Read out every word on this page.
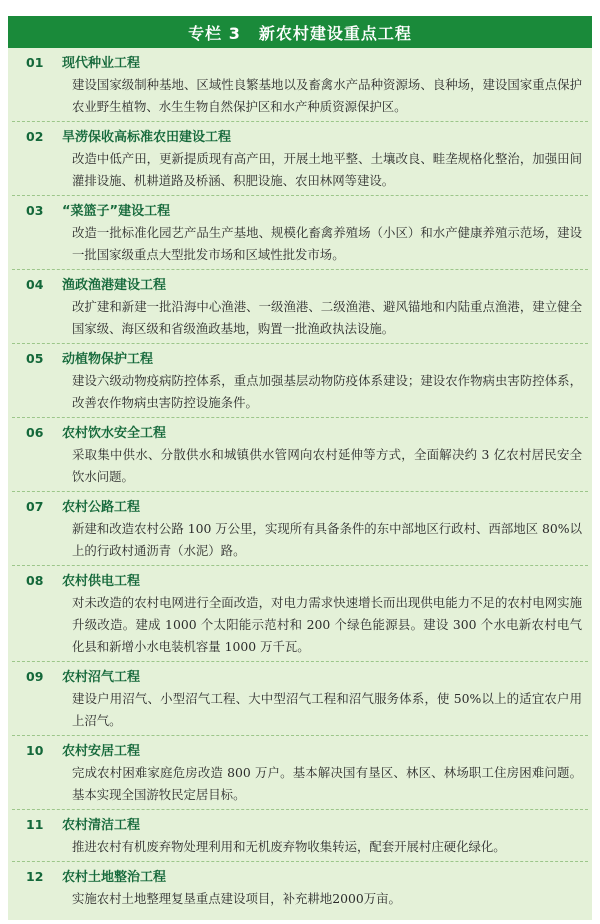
专栏 3 新农村建设重点工程
01	现代种业工程
建设国家级制种基地、区域性良繁基地以及畜禽水产品种资源场、良种场，建设国家重点保护农业野生植物、水生生物自然保护区和水产种质资源保护区。
02	旱涝保收高标准农田建设工程
改造中低产田，更新提质现有高产田，开展土地平整、土壤改良、畦垄规格化整治，加强田间灌排设施、机耕道路及桥涵、积肥设施、农田林网等建设。
03	“菜篮子”建设工程
改造一批标准化园艺产品生产基地、规模化畜禽养殖场（小区）和水产健康养殖示范场，建设一批国家级重点大型批发市场和区域性批发市场。
04	渔政渔港建设工程
改扩建和新建一批沿海中心渔港、一级渔港、二级渔港、避风锚地和内陆重点渔港，建立健全国家级、海区级和省级渔政基地，购置一批渔政执法设施。
05	动植物保护工程
建设六级动物疫病防控体系，重点加强基层动物防疫体系建设；建设农作物病虫害防控体系，改善农作物病虫害防控设施条件。
06	农村饮水安全工程
采取集中供水、分散供水和城镇供水管网向农村延伸等方式，全面解决约 3 亿农村居民安全饮水问题。
07	农村公路工程
新建和改造农村公路 100 万公里，实现所有具备条件的东中部地区行政村、西部地区 80%以上的行政村通沥青（水泥）路。
08	农村供电工程
对未改造的农村电网进行全面改造，对电力需求快速增长而出现供电能力不足的农村电网实施升级改造。建成 1000 个太阳能示范村和 200 个绿色能源县。建设 300 个水电新农村电气化县和新增小水电装机容量 1000 万千瓦。
09	农村沼气工程
建设户用沼气、小型沼气工程、大中型沼气工程和沼气服务体系，使 50%以上的适宜农户用上沼气。
10	农村安居工程
完成农村困难家庭危房改造 800 万户。基本解决国有垦区、林区、林场职工住房困难问题。基本实现全国游牧民定居目标。
11	农村清洁工程
推进农村有机废弃物处理利用和无机废弃物收集转运，配套开展村庄硬化绿化。
12	农村土地整治工程
实施农村土地整理复垦重点建设项目，补充耕地2000万亩。
